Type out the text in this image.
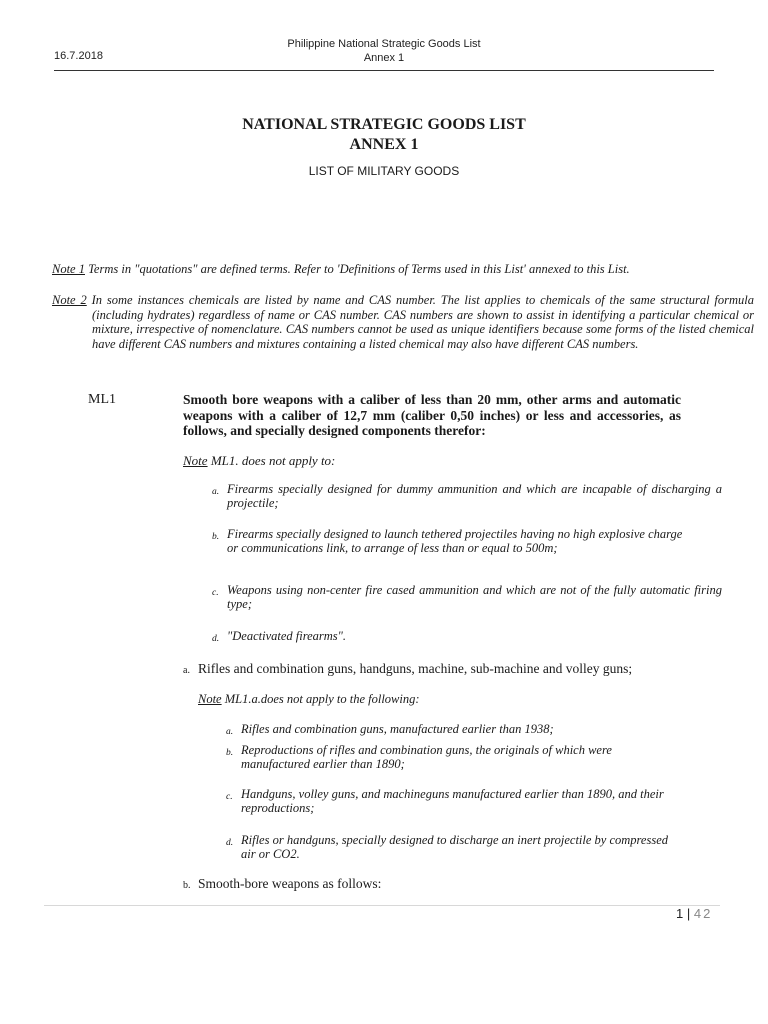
Philippine National Strategic Goods List
Annex 1
16.7.2018
NATIONAL STRATEGIC GOODS LIST
ANNEX 1
LIST OF MILITARY GOODS
Note 1 Terms in "quotations" are defined terms. Refer to 'Definitions of Terms used in this List' annexed to this List.
Note 2 In some instances chemicals are listed by name and CAS number. The list applies to chemicals of the same structural formula (including hydrates) regardless of name or CAS number. CAS numbers are shown to assist in identifying a particular chemical or mixture, irrespective of nomenclature. CAS numbers cannot be used as unique identifiers because some forms of the listed chemical have different CAS numbers and mixtures containing a listed chemical may also have different CAS numbers.
ML1	Smooth bore weapons with a caliber of less than 20 mm, other arms and automatic weapons with a caliber of 12,7 mm (caliber 0,50 inches) or less and accessories, as follows, and specially designed components therefor:
Note ML1. does not apply to:
a. Firearms specially designed for dummy ammunition and which are incapable of discharging a projectile;
b. Firearms specially designed to launch tethered projectiles having no high explosive charge or communications link, to arrange of less than or equal to 500m;
c. Weapons using non-center fire cased ammunition and which are not of the fully automatic firing type;
d. "Deactivated firearms".
a. Rifles and combination guns, handguns, machine, sub-machine and volley guns;
Note ML1.a.does not apply to the following:
a. Rifles and combination guns, manufactured earlier than 1938;
b. Reproductions of rifles and combination guns, the originals of which were manufactured earlier than 1890;
c. Handguns, volley guns, and machineguns manufactured earlier than 1890, and their reproductions;
d. Rifles or handguns, specially designed to discharge an inert projectile by compressed air or CO2.
b. Smooth-bore weapons as follows:
1 | 42
